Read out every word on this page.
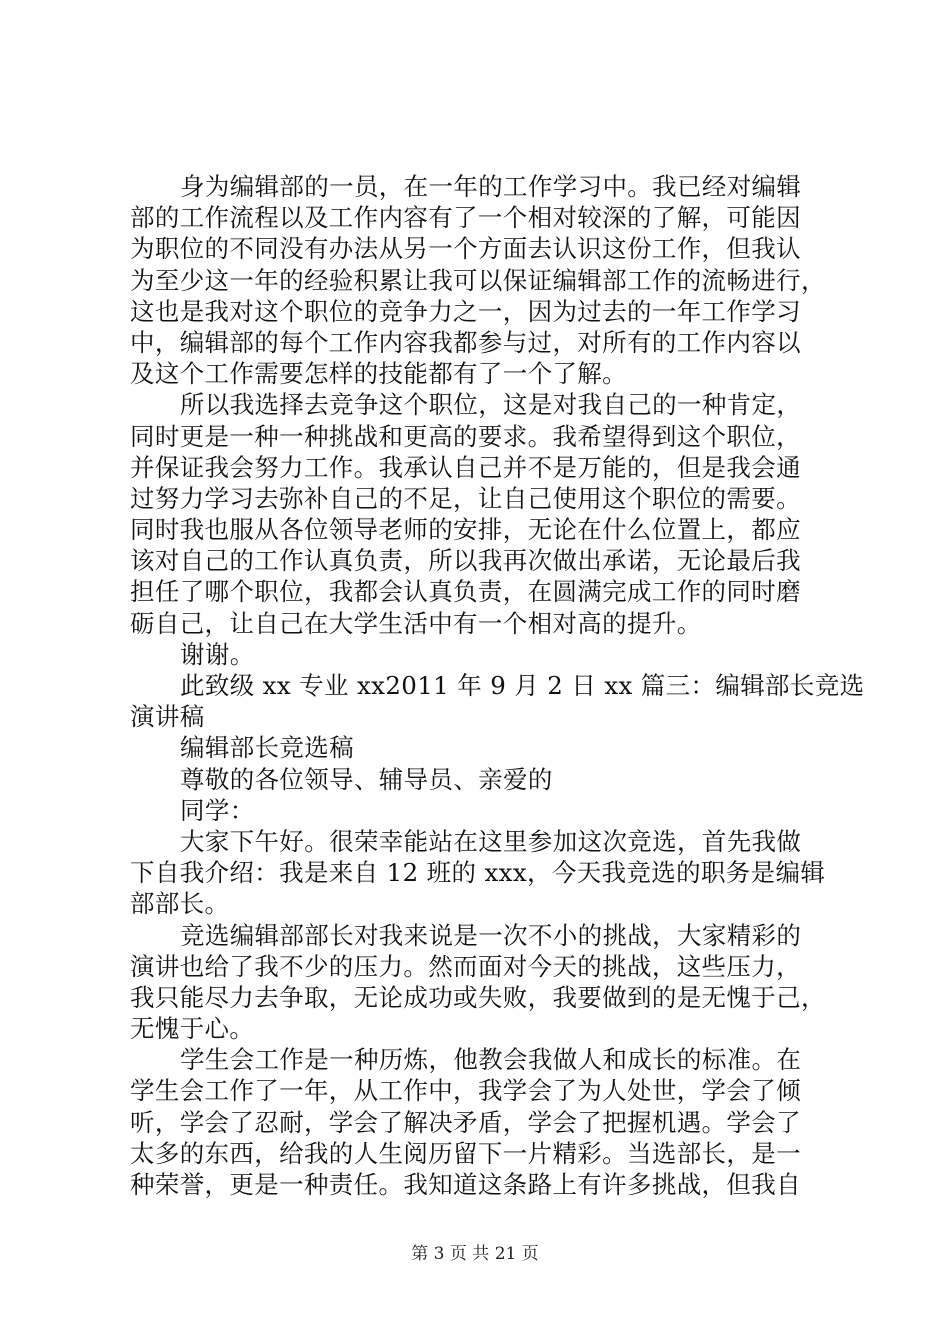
身为编辑部的一员，在一年的工作学习中。我已经对编辑
部的工作流程以及工作内容有了一个相对较深的了解，可能因
为职位的不同没有办法从另一个方面去认识这份工作，但我认
为至少这一年的经验积累让我可以保证编辑部工作的流畅进行，
这也是我对这个职位的竞争力之一，因为过去的一年工作学习
中，编辑部的每个工作内容我都参与过，对所有的工作内容以
及这个工作需要怎样的技能都有了一个了解。
所以我选择去竞争这个职位，这是对我自己的一种肯定，
同时更是一种一种挑战和更高的要求。我希望得到这个职位，
并保证我会努力工作。我承认自己并不是万能的，但是我会通
过努力学习去弥补自己的不足，让自己使用这个职位的需要。
同时我也服从各位领导老师的安排，无论在什么位置上，都应
该对自己的工作认真负责，所以我再次做出承诺，无论最后我
担任了哪个职位，我都会认真负责，在圆满完成工作的同时磨
砺自己，让自己在大学生活中有一个相对高的提升。
谢谢。
此致级 xx 专业 xx2011 年 9 月 2 日 xx 篇三：编辑部长竞选
演讲稿
编辑部长竞选稿
尊敬的各位领导、辅导员、亲爱的
同学：
大家下午好。很荣幸能站在这里参加这次竞选，首先我做
下自我介绍：我是来自 12 班的 xxx，今天我竞选的职务是编辑
部部长。
竞选编辑部部长对我来说是一次不小的挑战，大家精彩的
演讲也给了我不少的压力。然而面对今天的挑战，这些压力，
我只能尽力去争取，无论成功或失败，我要做到的是无愧于己，
无愧于心。
学生会工作是一种历炼，他教会我做人和成长的标准。在
学生会工作了一年，从工作中，我学会了为人处世，学会了倾
听，学会了忍耐，学会了解决矛盾，学会了把握机遇。学会了
太多的东西，给我的人生阅历留下一片精彩。当选部长，是一
种荣誉，更是一种责任。我知道这条路上有许多挑战，但我自
第 3 页 共 21 页
